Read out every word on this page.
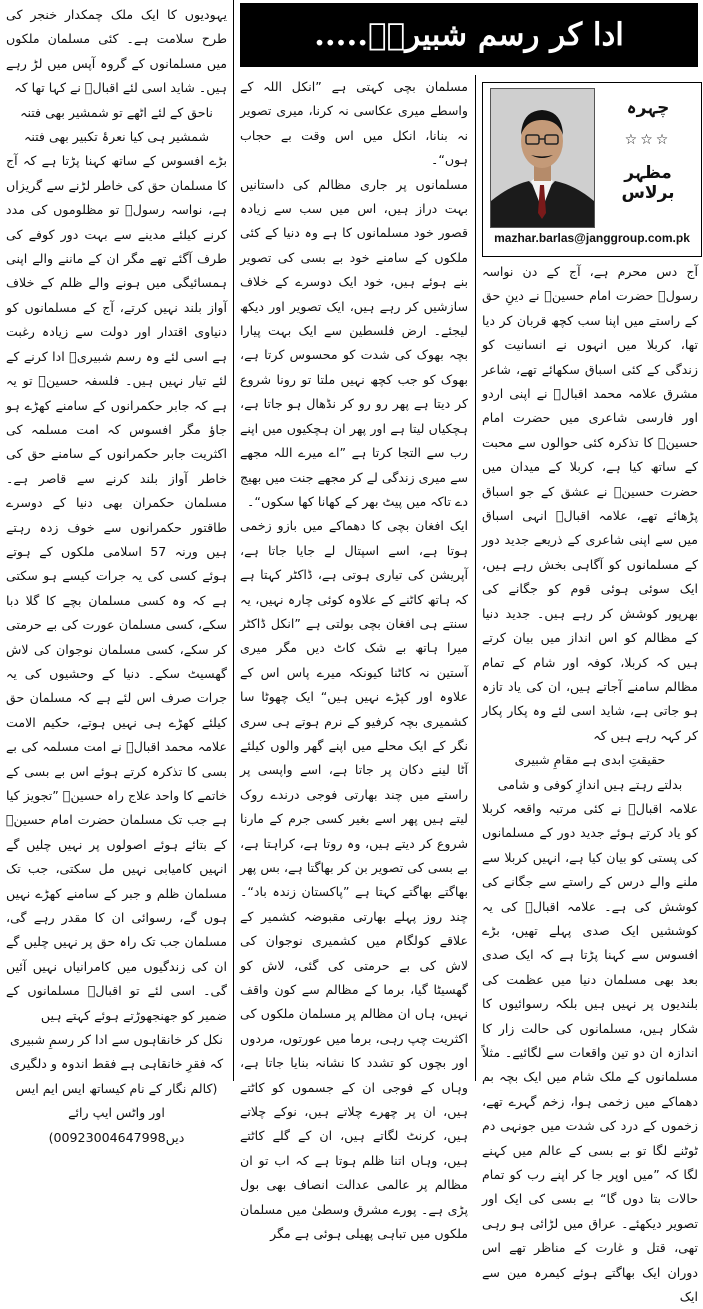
ادا کر رسم شبیریؒ.....
چہرہ
☆☆☆
مظہر برلاس
mazhar.barlas@janggroup.com.pk

آج دس محرم ہے، آج کے دن نواسہ رسولؐ حضرت امام حسینؓ نے دینِ حق کے راستے میں اپنا سب کچھ قربان کر دیا تھا، کربلا میں انہوں نے انسانیت کو زندگی کے کئی اسباق سکھائے تھے، شاعر مشرق علامہ محمد اقبالؒ نے اپنی اردو اور فارسی شاعری میں حضرت امام حسینؓ کا تذکرہ کئی حوالوں سے محبت کے ساتھ کیا ہے، کربلا کے میدان میں حضرت حسینؓ نے عشق کے جو اسباق پڑھائے تھے، علامہ اقبالؒ انہی اسباق میں سے اپنی شاعری کے ذریعے جدید دور کے مسلمانوں کو آگاہی بخش رہے ہیں، ایک سوئی ہوئی قوم کو جگانے کی بھرپور کوشش کر رہے ہیں۔ جدید دنیا کے مظالم کو اس انداز میں بیان کرتے ہیں کہ کربلا، کوفہ اور شام کے تمام مظالم سامنے آجاتے ہیں، ان کی یاد تازہ ہو جاتی ہے، شاید اسی لئے وہ پکار پکار کر کہہ رہے ہیں کہ

حقیقتِ ابدی ہے مقامِ شبیری

بدلتے رہتے ہیں اندازِ کوفی و شامی

علامہ اقبالؒ نے کئی مرتبہ واقعہ کربلا کو یاد کرتے ہوئے جدید دور کے مسلمانوں کی پستی کو بیان کیا ہے، انہیں کربلا سے ملنے والے درس کے راستے سے جگانے کی کوشش کی ہے۔ علامہ اقبالؒ کی یہ کوششیں ایک صدی پہلے تھیں، بڑے افسوس سے کہنا پڑتا ہے کہ ایک صدی بعد بھی مسلمان دنیا میں عظمت کی بلندیوں پر نہیں ہیں بلکہ رسوائیوں کا شکار ہیں، مسلمانوں کی حالت زار کا اندازہ ان دو تین واقعات سے لگائیے۔ مثلاً مسلمانوں کے ملک شام میں ایک بچہ بم دھماکے میں زخمی ہوا، زخم گہرے تھے، زخموں کے درد کی شدت میں جونہی دم ٹوٹنے لگا تو بے بسی کے عالم میں کہنے لگا کہ ”میں اوپر جا کر اپنے رب کو تمام حالات بتا دوں گا“ بے بسی کی ایک اور تصویر دیکھئے۔ عراق میں لڑائی ہو رہی تھی، قتل و غارت کے مناظر تھے اس دوران ایک بھاگتے ہوئے کیمرہ مین سے ایک

مسلمان بچی کہتی ہے ”انکل اللہ کے واسطے میری عکاسی نہ کرنا، میری تصویر نہ بنانا، انکل میں اس وقت بے حجاب ہوں“۔

مسلمانوں پر جاری مظالم کی داستانیں بہت دراز ہیں، اس میں سب سے زیادہ قصور خود مسلمانوں کا ہے وہ دنیا کے کئی ملکوں کے سامنے خود بے بسی کی تصویر بنے ہوئے ہیں، خود ایک دوسرے کے خلاف سازشیں کر رہے ہیں، ایک تصویر اور دیکھ لیجئے۔ ارض فلسطین سے ایک بہت پیارا بچہ بھوک کی شدت کو محسوس کرتا ہے، بھوک کو جب کچھ نہیں ملتا تو رونا شروع کر دیتا ہے پھر رو رو کر نڈھال ہو جاتا ہے، ہچکیاں لیتا ہے اور پھر ان ہچکیوں میں اپنے رب سے التجا کرتا ہے ”اے میرے اللہ مجھے سے میری زندگی لے کر مجھے جنت میں بھیج دے تاکہ میں پیٹ بھر کے کھانا کھا سکوں“۔

ایک افغان بچی کا دھماکے میں بازو زخمی ہوتا ہے، اسے اسپتال لے جایا جاتا ہے، آپریشن کی تیاری ہوتی ہے، ڈاکٹر کہتا ہے کہ ہاتھ کاٹنے کے علاوہ کوئی چارہ نہیں، یہ سنتے ہی افغان بچی بولتی ہے ”انکل ڈاکٹر میرا ہاتھ بے شک کاٹ دیں مگر میری آستین نہ کاٹنا کیونکہ میرے پاس اس کے علاوہ اور کپڑے نہیں ہیں“ ایک چھوٹا سا کشمیری بچہ کرفیو کے نرم ہوتے ہی سری نگر کے ایک محلے میں اپنے گھر والوں کیلئے آٹا لینے دکان پر جاتا ہے، اسے واپسی پر راستے میں چند بھارتی فوجی درندے روک لیتے ہیں پھر اسے بغیر کسی جرم کے مارنا شروع کر دیتے ہیں، وہ روتا ہے، کراہتا ہے، بے بسی کی تصویر بن کر بھاگتا ہے، بس پھر بھاگتے بھاگتے کہتا ہے ”پاکستان زندہ باد“۔ چند روز پہلے بھارتی مقبوضہ کشمیر کے علاقے کولگام میں کشمیری نوجوان کی لاش کی بے حرمتی کی گئی، لاش کو گھسیٹا گیا، برما کے مظالم سے کون واقف نہیں، ہاں ان مظالم پر مسلمان ملکوں کی اکثریت چپ رہی، برما میں عورتوں، مردوں اور بچوں کو تشدد کا نشانہ بنایا جاتا ہے، وہاں کے فوجی ان کے جسموں کو کاٹتے ہیں، ان پر چھرے چلاتے ہیں، نوکے چلاتے ہیں، کرنٹ لگاتے ہیں، ان کے گلے کاٹتے ہیں، وہاں اتنا ظلم ہوتا ہے کہ اب تو ان مظالم پر عالمی عدالت انصاف بھی بول پڑی ہے۔ پورے مشرق وسطیٰ میں مسلمان ملکوں میں تباہی پھیلی ہوئی ہے مگر

یہودیوں کا ایک ملک چمکدار خنجر کی طرح سلامت ہے۔ کئی مسلمان ملکوں میں مسلمانوں کے گروہ آپس میں لڑ رہے ہیں۔ شاید اسی لئے اقبالؒ نے کہا تھا کہ

ناحق کے لئے اٹھے تو شمشیر بھی فتنہ

شمشیر ہی کیا نعرۂ تکبیر بھی فتنہ

بڑے افسوس کے ساتھ کہنا پڑتا ہے کہ آج کا مسلمان حق کی خاطر لڑنے سے گریزاں ہے، نواسہ رسولؐ تو مظلوموں کی مدد کرنے کیلئے مدینے سے بہت دور کوفے کی طرف آگئے تھے مگر ان کے ماننے والے اپنی ہمسائیگی میں ہونے والے ظلم کے خلاف آواز بلند نہیں کرتے، آج کے مسلمانوں کو دنیاوی اقتدار اور دولت سے زیادہ رغبت ہے اسی لئے وہ رسم شبیریؒ ادا کرنے کے لئے تیار نہیں ہیں۔ فلسفہ حسینؓ تو یہ ہے کہ جابر حکمرانوں کے سامنے کھڑے ہو جاؤ مگر افسوس کہ امت مسلمہ کی اکثریت جابر حکمرانوں کے سامنے حق کی خاطر آواز بلند کرنے سے قاصر ہے۔ مسلمان حکمران بھی دنیا کے دوسرے طاقتور حکمرانوں سے خوف زدہ رہتے ہیں ورنہ 57 اسلامی ملکوں کے ہوتے ہوئے کسی کی یہ جرات کیسے ہو سکتی ہے کہ وہ کسی مسلمان بچے کا گلا دبا سکے، کسی مسلمان عورت کی بے حرمتی کر سکے، کسی مسلمان نوجوان کی لاش گھسیٹ سکے۔ دنیا کے وحشیوں کی یہ جرات صرف اس لئے ہے کہ مسلمان حق کیلئے کھڑے ہی نہیں ہوتے، حکیم الامت علامہ محمد اقبالؒ نے امت مسلمہ کی بے بسی کا تذکرہ کرتے ہوئے اس بے بسی کے خاتمے کا واحد علاج راہ حسینؓ ”تجویز کیا ہے جب تک مسلمان حضرت امام حسینؓ کے بتائے ہوئے اصولوں پر نہیں چلیں گے انہیں کامیابی نہیں مل سکتی، جب تک مسلمان ظلم و جبر کے سامنے کھڑے نہیں ہوں گے، رسوائی ان کا مقدر رہے گی، مسلمان جب تک راہ حق پر نہیں چلیں گے ان کی زندگیوں میں کامرانیاں نہیں آئیں گی۔ اسی لئے تو اقبالؒ مسلمانوں کے ضمیر کو جھنجھوڑتے ہوئے کہتے ہیں

نکل کر خانقاہوں سے ادا کر رسمِ شبیری

کہ فقرِ خانقاہی ہے فقط اندوہ و دلگیری

(کالم نگار کے نام کیساتھ ایس ایم ایس اور واٹس ایپ رائے دیں00923004647998)
